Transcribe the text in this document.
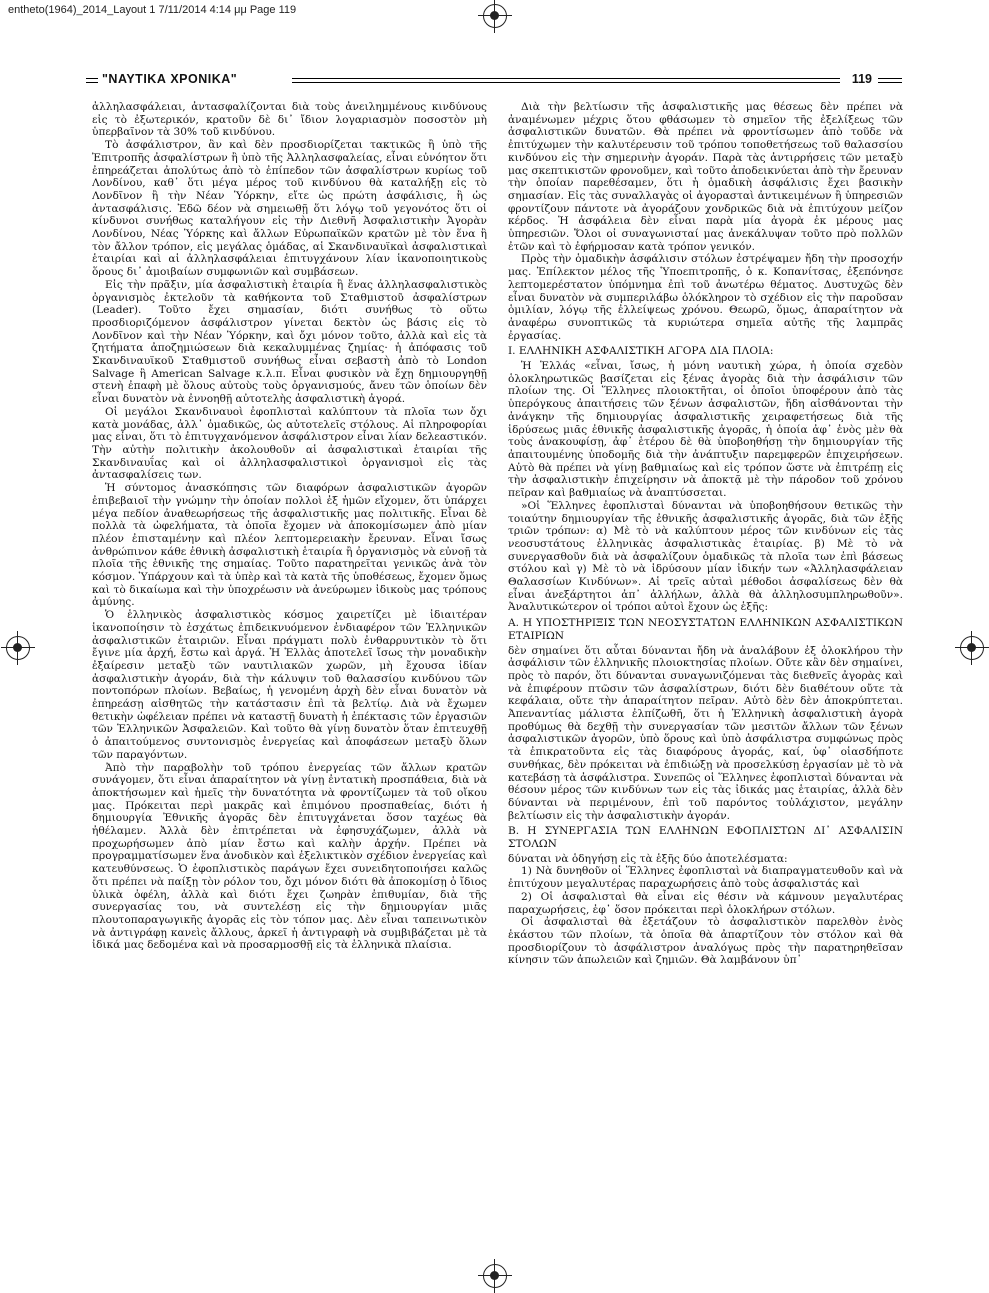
entheto(1964)_2014_Layout 1 7/11/2014 4:14 μμ Page 119
"ΝΑΥΤΙΚΑ ΧΡΟΝΙΚΑ"	119

ἀλληλασφάλειαι, ἀντασφαλίζονται διὰ τοὺς ἀνειλημμένους κινδύνους εἰς τὸ ἐξωτερικόν, κρατοῦν δὲ δι᾽ ἴδιον λογαριασμὸν ποσοστὸν μὴ ὑπερβαῖνον τὰ 30% τοῦ κινδύνου.

Τὸ ἀσφάλιστρον, ἂν καὶ δὲν προσδιορίζεται τακτικῶς ἢ ὑπὸ τῆς Ἐπιτροπῆς ἀσφαλίστρων ἢ ὑπὸ τῆς Ἀλληλασφαλείας, εἶναι εὐνόητον ὅτι ἐπηρεάζεται ἀπολύτως ἀπὸ τὸ ἐπίπεδον τῶν ἀσφαλίστρων κυρίως τοῦ Λονδίνου, καθ᾽ ὅτι μέγα μέρος τοῦ κινδύνου θὰ καταλήξῃ εἰς τὸ Λονδῖνον ἢ τὴν Νέαν Ὑόρκην, εἴτε ὡς πρώτη ἀσφάλισις, ἢ ὡς ἀντασφάλισις. Ἐδῶ δέον νὰ σημειωθῇ ὅτι λόγῳ τοῦ γεγονότος ὅτι οἱ κίνδυνοι συνήθως καταλήγουν εἰς τὴν Διεθνῆ Ἀσφαλιστικὴν Ἀγορὰν Λονδίνου, Νέας Ὑόρκης καὶ ἄλλων Εὐρωπαϊκῶν κρατῶν μὲ τὸν ἕνα ἢ τὸν ἄλλον τρόπον, εἰς μεγάλας ὁμάδας, αἱ Σκανδιναυϊκαὶ ἀσφαλιστικαὶ ἑταιρίαι καὶ αἱ ἀλληλασφάλειαι ἐπιτυγχάνουν λίαν ἱκανοποιητικοὺς ὅρους δι᾽ ἀμοιβαίων συμφωνιῶν καὶ συμβάσεων.

Εἰς τὴν πρᾶξιν, μία ἀσφαλιστικὴ ἑταιρία ἢ ἕνας ἀλληλασφαλιστικὸς ὀργανισμὸς ἐκτελοῦν τὰ καθήκοντα τοῦ Σταθμιστοῦ ἀσφαλίστρων (Leader). Τοῦτο ἔχει σημασίαν, διότι συνήθως τὸ οὕτω προσδιοριζόμενον ἀσφάλιστρον γίνεται δεκτὸν ὡς βάσις εἰς τὸ Λονδῖνον καὶ τὴν Νέαν Ὑόρκην, καὶ ὄχι μόνον τοῦτο, ἀλλὰ καὶ εἰς τὰ ζητήματα ἀποζημιώσεων διὰ κεκαλυμμένας ζημίας· ἡ ἀπόφασις τοῦ Σκανδιναυϊκοῦ Σταθμιστοῦ συνήθως εἶναι σεβαστὴ ἀπὸ τὸ London Salvage ἢ American Salvage κ.λ.π. Εἶναι φυσικὸν νὰ ἔχῃ δημιουργηθῇ στενὴ ἐπαφὴ μὲ ὅλους αὐτοὺς τοὺς ὀργανισμούς, ἄνευ τῶν ὁποίων δὲν εἶναι δυνατὸν νὰ ἐννοηθῇ αὐτοτελὴς ἀσφαλιστικὴ ἀγορά.

Οἱ μεγάλοι Σκανδιναυοὶ ἐφοπλισταὶ καλύπτουν τὰ πλοῖα των ὄχι κατὰ μονάδας, ἀλλ᾽ ὁμαδικῶς, ὡς αὐτοτελεῖς στόλους. Αἱ πληροφορίαι μας εἶναι, ὅτι τὸ ἐπιτυγχανόμενον ἀσφάλιστρον εἶναι λίαν δελεαστικόν. Τὴν αὐτὴν πολιτικὴν ἀκολουθοῦν αἱ ἀσφαλιστικαὶ ἑταιρίαι τῆς Σκανδιναυΐας καὶ οἱ ἀλληλασφαλιστικοὶ ὀργανισμοὶ εἰς τὰς ἀντασφαλίσεις των.

Ἡ σύντομος ἀνασκόπησις τῶν διαφόρων ἀσφαλιστικῶν ἀγορῶν ἐπιβεβαιοῖ τὴν γνώμην τὴν ὁποίαν πολλοὶ ἐξ ἡμῶν εἴχομεν, ὅτι ὑπάρχει μέγα πεδίον ἀναθεωρήσεως τῆς ἀσφαλιστικῆς μας πολιτικῆς. Εἶναι δὲ πολλὰ τὰ ὠφελήματα, τὰ ὁποῖα ἔχομεν νὰ ἀποκομίσωμεν ἀπὸ μίαν πλέον ἐπισταμένην καὶ πλέον λεπτομερειακὴν ἔρευναν. Εἶναι ἴσως ἀνθρώπινον κάθε ἐθνικὴ ἀσφαλιστικὴ ἑταιρία ἢ ὀργανισμὸς νὰ εὐνοῇ τὰ πλοῖα τῆς ἐθνικῆς της σημαίας. Τοῦτο παρατηρεῖται γενικῶς ἀνὰ τὸν κόσμον. Ὑπάρχουν καὶ τὰ ὑπὲρ καὶ τὰ κατὰ τῆς ὑποθέσεως, ἔχομεν ὅμως καὶ τὸ δικαίωμα καὶ τὴν ὑποχρέωσιν νὰ ἀνεύρωμεν ἰδικοὺς μας τρόπους ἀμύνης.

Ὁ ἑλληνικὸς ἀσφαλιστικὸς κόσμος χαιρετίζει μὲ ἰδιαιτέραν ἱκανοποίησιν τὸ ἐσχάτως ἐπιδεικνυόμενον ἐνδιαφέρον τῶν Ἑλληνικῶν ἀσφαλιστικῶν ἑταιριῶν. Εἶναι πράγματι πολὺ ἐνθαρρυντικὸν τὸ ὅτι ἔγινε μία ἀρχή, ἔστω καὶ ἀργά. Ἡ Ἑλλὰς ἀποτελεῖ ἴσως τὴν μοναδικὴν ἐξαίρεσιν μεταξὺ τῶν ναυτιλιακῶν χωρῶν, μὴ ἔχουσα ἰδίαν ἀσφαλιστικὴν ἀγοράν, διὰ τὴν κάλυψιν τοῦ θαλασσίου κινδύνου τῶν ποντοπόρων πλοίων. Βεβαίως, ἡ γενομένη ἀρχὴ δὲν εἶναι δυνατὸν νὰ ἐπηρεάσῃ αἰσθητῶς τὴν κατάστασιν ἐπὶ τὰ βελτίῳ. Διὰ νὰ ἔχωμεν θετικὴν ὠφέλειαν πρέπει νὰ καταστῇ δυνατὴ ἡ ἐπέκτασις τῶν ἐργασιῶν τῶν Ἑλληνικῶν Ἀσφαλειῶν. Καὶ τοῦτο θὰ γίνῃ δυνατὸν ὅταν ἐπιτευχθῇ ὁ ἀπαιτούμενος συντονισμὸς ἐνεργείας καὶ ἀποφάσεων μεταξὺ ὅλων τῶν παραγόντων.

Ἀπὸ τὴν παραβολὴν τοῦ τρόπου ἐνεργείας τῶν ἄλλων κρατῶν συνάγομεν, ὅτι εἶναι ἀπαραίτητον νὰ γίνῃ ἐντατικὴ προσπάθεια, διὰ νὰ ἀποκτήσωμεν καὶ ἡμεῖς τὴν δυνατότητα νὰ φροντίζωμεν τὰ τοῦ οἴκου μας. Πρόκειται περὶ μακρᾶς καὶ ἐπιμόνου προσπαθείας, διότι ἡ δημιουργία Ἐθνικῆς ἀγορᾶς δὲν ἐπιτυγχάνεται ὅσον ταχέως θὰ ἠθέλαμεν. Ἀλλὰ δὲν ἐπιτρέπεται νὰ ἐφησυχάζωμεν, ἀλλὰ νὰ προχωρήσωμεν ἀπὸ μίαν ἔστω καὶ καλὴν ἀρχήν. Πρέπει νὰ προγραμματίσωμεν ἕνα ἀνοδικὸν καὶ ἐξελικτικὸν σχέδιον ἐνεργείας καὶ κατευθύνσεως. Ὁ ἐφοπλιστικὸς παράγων ἔχει συνειδητοποιήσει καλῶς ὅτι πρέπει νὰ παίξῃ τὸν ρόλον του, ὄχι μόνον διότι θὰ ἀποκομίσῃ ὁ ἴδιος ὑλικὰ ὀφέλη, ἀλλὰ καὶ διότι ἔχει ζωηρὰν ἐπιθυμίαν, διὰ τῆς συνεργασίας του, νὰ συντελέσῃ εἰς τὴν δημιουργίαν μιᾶς πλουτοπαραγωγικῆς ἀγορᾶς εἰς τὸν τόπον μας. Δὲν εἶναι ταπεινωτικὸν νὰ ἀντιγράφῃ κανεὶς ἄλλους, ἀρκεῖ ἡ ἀντιγραφὴ νὰ συμβιβάζεται μὲ τὰ ἰδικά μας δεδομένα καὶ νὰ προσαρμοσθῇ εἰς τὰ ἑλληνικὰ πλαίσια.

Διὰ τὴν βελτίωσιν τῆς ἀσφαλιστικῆς μας θέσεως δὲν πρέπει νὰ ἀναμένωμεν μέχρις ὅτου φθάσωμεν τὸ σημεῖον τῆς ἐξελίξεως τῶν ἀσφαλιστικῶν δυνατῶν. Θὰ πρέπει νὰ φροντίσωμεν ἀπὸ τοῦδε νὰ ἐπιτύχωμεν τὴν καλυτέρευσιν τοῦ τρόπου τοποθετήσεως τοῦ θαλασσίου κινδύνου εἰς τὴν σημερινὴν ἀγοράν. Παρὰ τὰς ἀντιρρήσεις τῶν μεταξὺ μας σκεπτικιστῶν φρονοῦμεν, καὶ τοῦτο ἀποδεικνύεται ἀπὸ τὴν ἔρευναν τὴν ὁποίαν παρεθέσαμεν, ὅτι ἡ ὁμαδικὴ ἀσφάλισις ἔχει βασικὴν σημασίαν. Εἰς τὰς συναλλαγὰς οἱ ἀγορασταὶ ἀντικειμένων ἢ ὑπηρεσιῶν φροντίζουν πάντοτε νὰ ἀγοράζουν χονδρικῶς διὰ νὰ ἐπιτύχουν μείζον κέρδος. Ἡ ἀσφάλεια δὲν εἶναι παρὰ μία ἀγορὰ ἐκ μέρους μας ὑπηρεσιῶν. Ὅλοι οἱ συναγωνισταί μας ἀνεκάλυψαν τοῦτο πρὸ πολλῶν ἐτῶν καὶ τὸ ἐφήρμοσαν κατὰ τρόπον γενικόν.

Πρὸς τὴν ὁμαδικὴν ἀσφάλισιν στόλων ἐστρέψαμεν ἤδη τὴν προσοχήν μας. Ἐπίλεκτον μέλος τῆς Ὑποεπιτροπῆς, ὁ κ. Κοπανίτσας, ἐξεπόνησε λεπτομερέστατον ὑπόμνημα ἐπὶ τοῦ ἀνωτέρω θέματος. Δυστυχῶς δὲν εἶναι δυνατὸν νὰ συμπεριλάβω ὁλόκληρον τὸ σχέδιον εἰς τὴν παροῦσαν ὁμιλίαν, λόγῳ τῆς ἐλλείψεως χρόνου. Θεωρῶ, ὅμως, ἀπαραίτητον νὰ ἀναφέρω συνοπτικῶς τὰ κυριώτερα σημεῖα αὐτῆς τῆς λαμπρᾶς ἐργασίας.

Ι. ΕΛΛΗΝΙΚΗ ΑΣΦΑΛΙΣΤΙΚΗ ΑΓΟΡΑ ΔΙΑ ΠΛΟΙΑ:

Ἡ Ἑλλάς «εἶναι, ἴσως, ἡ μόνη ναυτικὴ χώρα, ἡ ὁποία σχεδὸν ὁλοκληρωτικῶς βασίζεται εἰς ξένας ἀγορὰς διὰ τὴν ἀσφάλισιν τῶν πλοίων της. Οἱ Ἕλληνες πλοιοκτῆται, οἱ ὁποῖοι ὑποφέρουν ἀπὸ τὰς ὑπερόγκους ἀπαιτήσεις τῶν ξένων ἀσφαλιστῶν, ἤδη αἰσθάνονται τὴν ἀνάγκην τῆς δημιουργίας ἀσφαλιστικῆς χειραφετήσεως διὰ τῆς ἱδρύσεως μιᾶς ἐθνικῆς ἀσφαλιστικῆς ἀγορᾶς, ἡ ὁποία ἀφ᾽ ἑνὸς μὲν θὰ τοὺς ἀνακουφίσῃ, ἀφ᾽ ἑτέρου δὲ θὰ ὑποβοηθήσῃ τὴν δημιουργίαν τῆς ἀπαιτουμένης ὑποδομῆς διὰ τὴν ἀνάπτυξιν παρεμφερῶν ἐπιχειρήσεων. Αὐτὸ θὰ πρέπει νὰ γίνῃ βαθμιαίως καὶ εἰς τρόπον ὥστε νὰ ἐπιτρέπῃ εἰς τὴν ἀσφαλιστικὴν ἐπιχείρησιν νὰ ἀποκτᾷ μὲ τὴν πάροδον τοῦ χρόνου πεῖραν καὶ βαθμιαίως νὰ ἀναπτύσσεται.

»Οἱ Ἕλληνες ἐφοπλισταὶ δύνανται νὰ ὑποβοηθήσουν θετικῶς τὴν τοιαύτην δημιουργίαν τῆς ἐθνικῆς ἀσφαλιστικῆς ἀγορᾶς, διὰ τῶν ἑξῆς τριῶν τρόπων: α) Μὲ τὸ νὰ καλύπτουν μέρος τῶν κινδύνων εἰς τὰς νεοσυστάτους ἑλληνικὰς ἀσφαλιστικὰς ἑταιρίας. β) Μὲ τὸ νὰ συνεργασθοῦν διὰ νὰ ἀσφαλίζουν ὁμαδικῶς τὰ πλοῖα των ἐπὶ βάσεως στόλου καὶ γ) Μὲ τὸ νὰ ἱδρύσουν μίαν ἰδικήν των «Ἀλληλασφάλειαν Θαλασσίων Κινδύνων». Αἱ τρεῖς αὐταὶ μέθοδοι ἀσφαλίσεως δὲν θὰ εἶναι ἀνεξάρτητοι ἀπ᾽ ἀλλήλων, ἀλλὰ θὰ ἀλληλοσυμπληρωθοῦν». Ἀναλυτικώτερον οἱ τρόποι αὐτοὶ ἔχουν ὡς ἑξῆς:

Α. Η ΥΠΟΣΤΗΡΙΞΙΣ ΤΩΝ ΝΕΟΣΥΣΤΑΤΩΝ ΕΛΛΗΝΙΚΩΝ ΑΣΦΑΛΙΣΤΙΚΩΝ ΕΤΑΙΡΙΩΝ

δὲν σημαίνει ὅτι αὗται δύνανται ἤδη νὰ ἀναλάβουν ἐξ ὁλοκλήρου τὴν ἀσφάλισιν τῶν ἑλληνικῆς πλοιοκτησίας πλοίων. Οὔτε κἂν δὲν σημαίνει, πρὸς τὸ παρόν, ὅτι δύνανται συναγωνιζόμεναι τὰς διεθνεῖς ἀγορὰς καὶ νὰ ἐπιφέρουν πτῶσιν τῶν ἀσφαλίστρων, διότι δὲν διαθέτουν οὔτε τὰ κεφάλαια, οὔτε τὴν ἀπαραίτητον πεῖραν. Αὐτὸ δὲν δὲν ἀποκρύπτεται. Ἀπεναντίας μάλιστα ἐλπίζωθῆ, ὅτι ἡ Ἑλληνικὴ ἀσφαλιστικὴ ἀγορὰ προθύμως θὰ δεχθῇ τὴν συνεργασίαν τῶν μεσιτῶν ἄλλων τῶν ξένων ἀσφαλιστικῶν ἀγορῶν, ὑπὸ ὅρους καὶ ὑπὸ ἀσφάλιστρα συμφώνως πρὸς τὰ ἐπικρατοῦντα εἰς τὰς διαφόρους ἀγοράς, καί, ὑφ᾽ οἱασδήποτε συνθήκας, δὲν πρόκειται νὰ ἐπιδιώξῃ νὰ προσελκύσῃ ἐργασίαν μὲ τὸ νὰ κατεβάσῃ τὰ ἀσφάλιστρα. Συνεπῶς οἱ Ἕλληνες ἐφοπλισταὶ δύνανται νὰ θέσουν μέρος τῶν κινδύνων των εἰς τὰς ἰδικάς μας ἑταιρίας, ἀλλὰ δὲν δύνανται νὰ περιμένουν, ἐπὶ τοῦ παρόντος τοὐλάχιστον, μεγάλην βελτίωσιν εἰς τὴν ἀσφαλιστικὴν ἀγοράν.

Β. Η ΣΥΝΕΡΓΑΣΙΑ ΤΩΝ ΕΛΛΗΝΩΝ ΕΦΟΠΛΙΣΤΩΝ ΔΙ᾽ ΑΣΦΑΛΙΣΙΝ ΣΤΟΛΩΝ

δύναται νὰ ὁδηγήσῃ εἰς τὰ ἑξῆς δύο ἀποτελέσματα:

1) Νὰ δυνηθοῦν οἱ Ἕλληνες ἐφοπλισταὶ νὰ διαπραγματευθοῦν καὶ νὰ ἐπιτύχουν μεγαλυτέρας παραχωρήσεις ἀπὸ τοὺς ἀσφαλιστάς καὶ

2) Οἱ ἀσφαλισταὶ θὰ εἶναι εἰς θέσιν νὰ κάμνουν μεγαλυτέρας παραχωρήσεις, ἐφ᾽ ὅσον πρόκειται περὶ ὁλοκλήρων στόλων.

Οἱ ἀσφαλισταὶ θὰ ἐξετάζουν τὸ ἀσφαλιστικὸν παρελθὸν ἑνὸς ἑκάστου τῶν πλοίων, τὰ ὁποῖα θὰ ἀπαρτίζουν τὸν στόλον καὶ θὰ προσδιορίζουν τὸ ἀσφάλιστρον ἀναλόγως πρὸς τὴν παρατηρηθεῖσαν κίνησιν τῶν ἀπωλειῶν καὶ ζημιῶν. Θὰ λαμβάνουν ὑπ᾽
